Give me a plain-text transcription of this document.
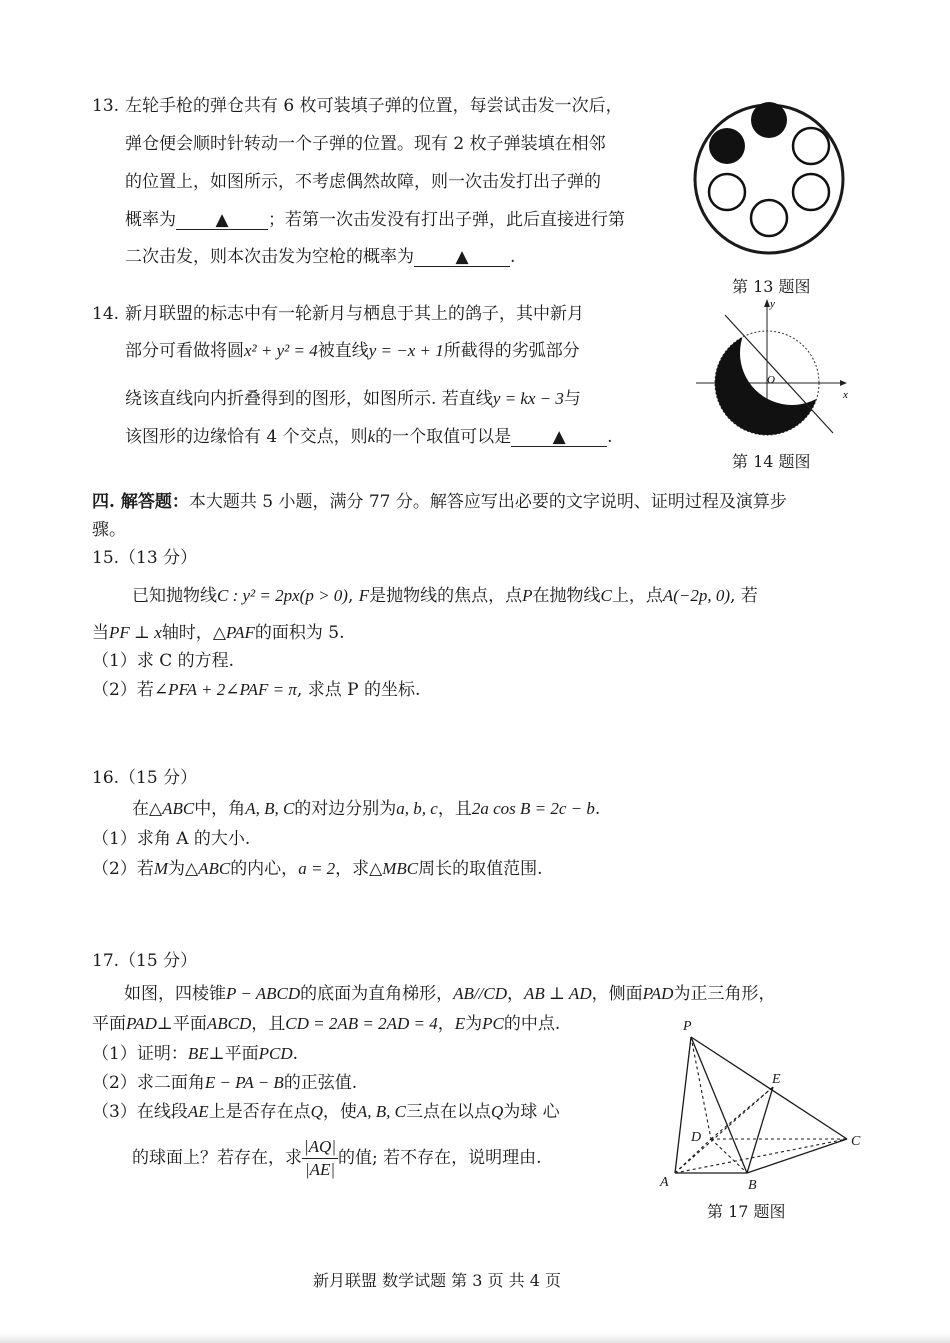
13. 左轮手枪的弹仓共有 6 枚可装填子弹的位置，每尝试击发一次后，
弹仓便会顺时针转动一个子弹的位置。现有 2 枚子弹装填在相邻
的位置上，如图所示，不考虑偶然故障，则一次击发打出子弹的
概率为 ▲ ；若第一次击发没有打出子弹，此后直接进行第
二次击发，则本次击发为空枪的概率为 ▲ .
第 13 题图
14. 新月联盟的标志中有一轮新月与栖息于其上的鸽子，其中新月
部分可看做将圆x² + y² = 4被直线y = −x + 1所截得的劣弧部分
绕该直线向内折叠得到的图形，如图所示. 若直线y = kx − 3与
该图形的边缘恰有 4 个交点，则k的一个取值可以是 ▲ .
y
x
O
第 14 题图
四. 解答题：本大题共 5 小题，满分 77 分。解答应写出必要的文字说明、证明过程及演算步
骤。
15.（13 分）
已知抛物线C : y² = 2px(p > 0), F是抛物线的焦点，点P在抛物线C上，点A(−2p, 0), 若
当PF ⊥ x轴时，△PAF的面积为 5.
（1）求 C 的方程.
（2）若∠PFA + 2∠PAF = π, 求点 P 的坐标.
16.（15 分）
在△ABC中，角A, B, C的对边分别为a, b, c，且2a cos B = 2c − b.
（1）求角 A 的大小.
（2）若M为△ABC的内心，a = 2，求△MBC周长的取值范围.
17.（15 分）
如图，四棱锥P − ABCD的底面为直角梯形，AB//CD，AB ⊥ AD，侧面PAD为正三角形，
平面PAD⊥平面ABCD，且CD = 2AB = 2AD = 4，E为PC的中点.
（1）证明：BE⊥平面PCD.
（2）求二面角E − PA − B的正弦值.
（3）在线段AE上是否存在点Q，使A, B, C三点在以点Q为球 心
的球面上？若存在，求 $\frac{|AQ|}{|AE|}$ 的值; 若不存在，说明理由.
P
E
D	C
A	B
第 17 题图
新月联盟 数学试题 第 3 页 共 4 页
